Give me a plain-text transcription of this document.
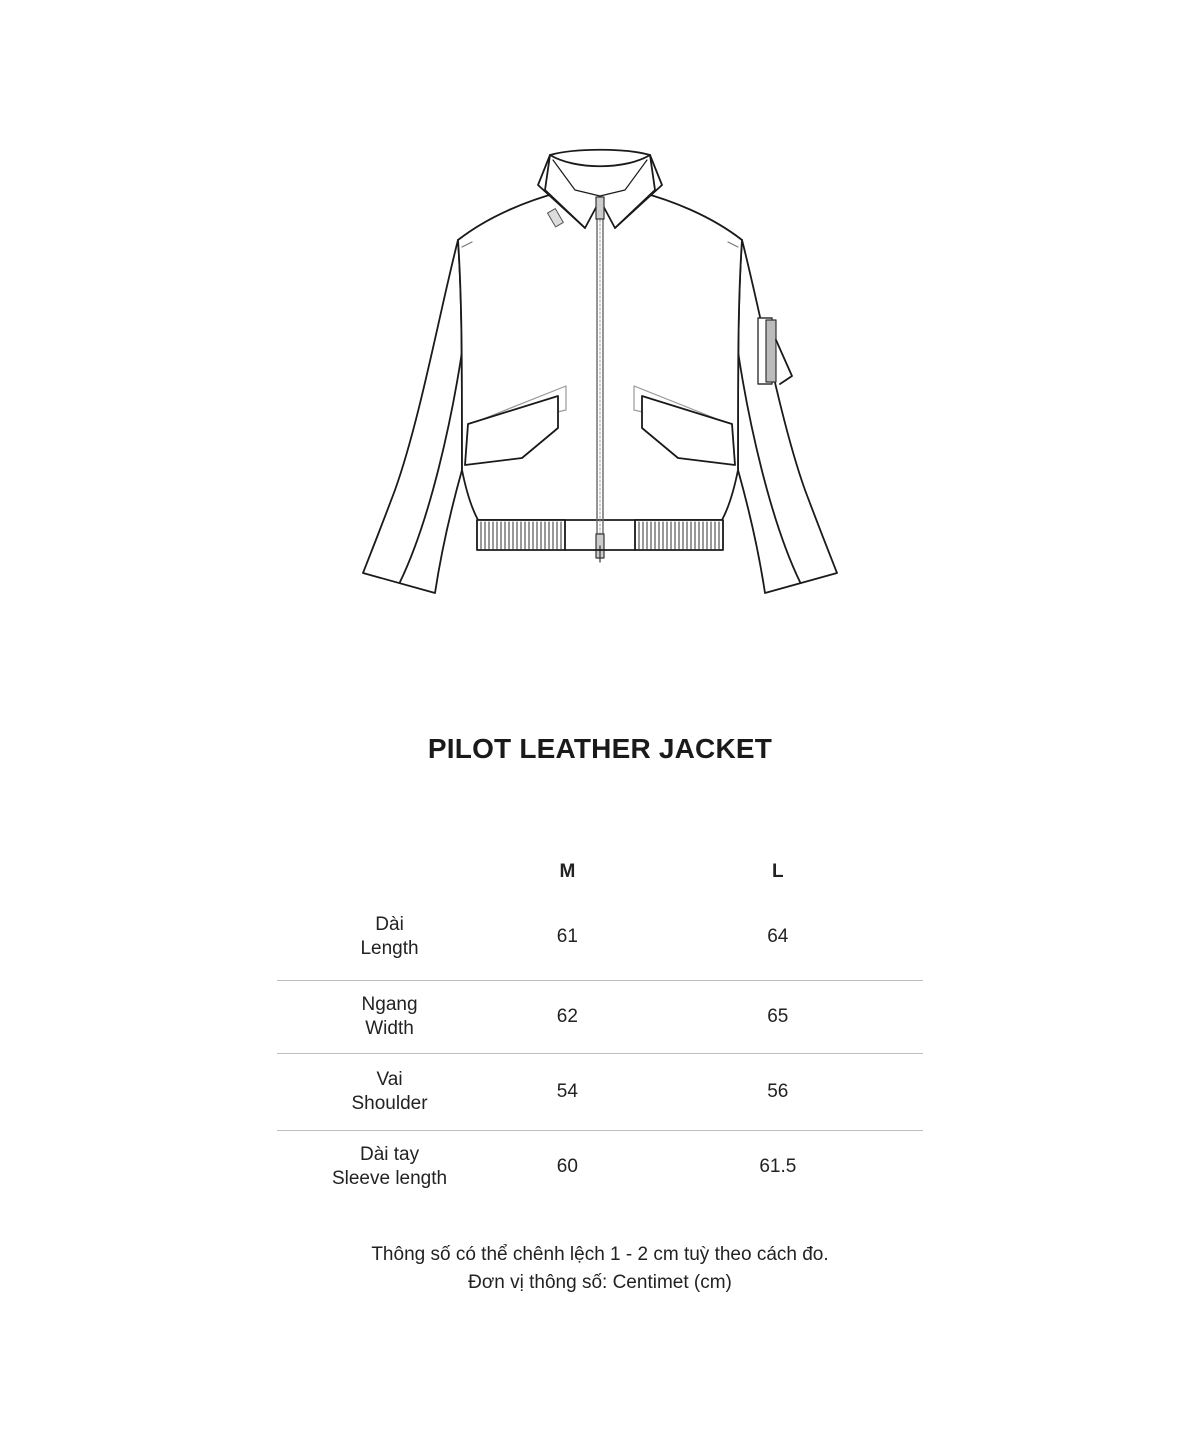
PILOT LEATHER JACKET
	M	L

Dài
Length	61	64

Ngang
Width	62	65

Vai
Shoulder	54	56

Dài tay
Sleeve length	60	61.5
Thông số có thể chênh lệch 1 - 2 cm tuỳ theo cách đo.
Đơn vị thông số: Centimet (cm)
